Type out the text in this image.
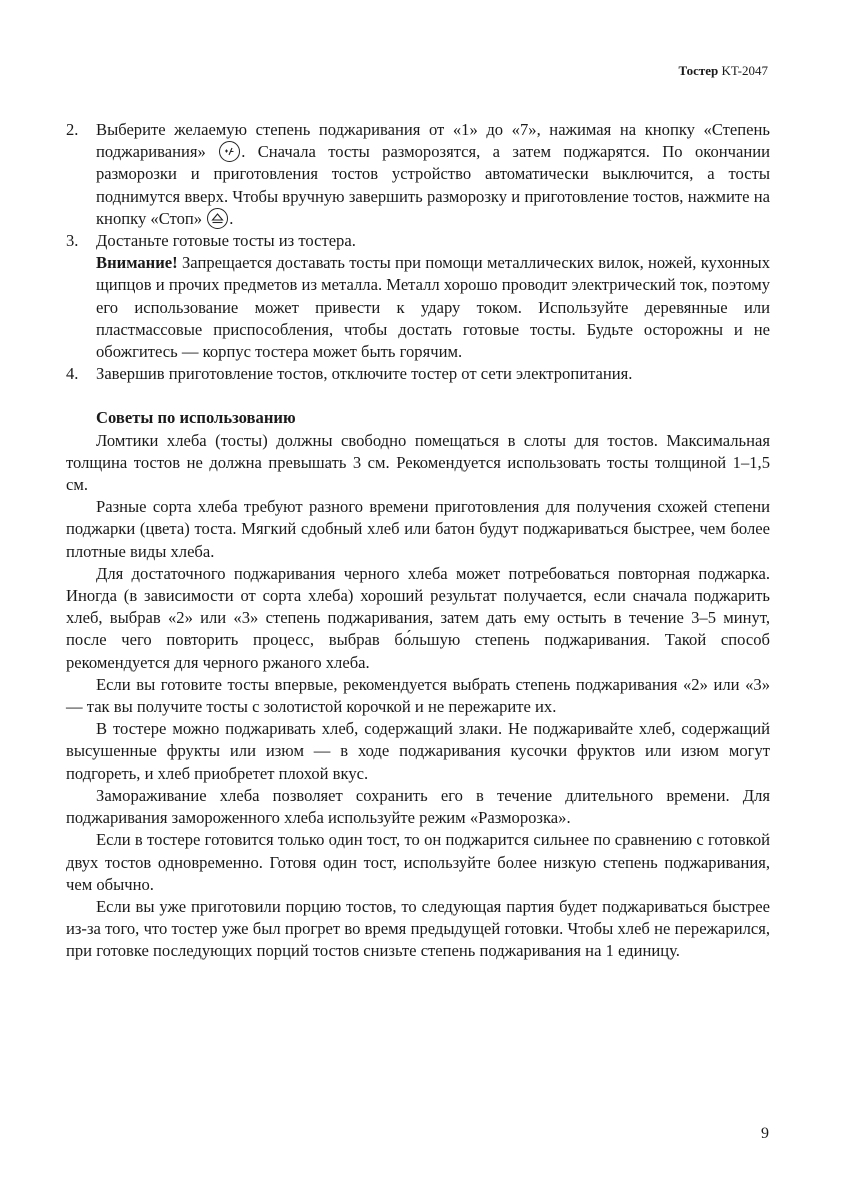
Тостер KT-2047
2. Выберите желаемую степень поджаривания от «1» до «7», нажимая на кнопку «Степень поджаривания»
. Сначала тосты разморозятся, а затем поджарятся. По окончании разморозки и приготовления тостов устройство автоматически выключится, а тосты поднимутся вверх. Чтобы вручную завершить разморозку и приготовление тостов, нажмите на кнопку «Стоп»
.

3. Достаньте готовые тосты из тостера.

Внимание! Запрещается доставать тосты при помощи металлических вилок, ножей, кухонных щипцов и прочих предметов из металла. Металл хорошо проводит электрический ток, поэтому его использование может привести к удару током. Используйте деревянные или пластмассовые приспособления, чтобы достать готовые тосты. Будьте осторожны и не обожгитесь — корпус тостера может быть горячим.

4. Завершив приготовление тостов, отключите тостер от сети электропитания.

Советы по использованию

Ломтики хлеба (тосты) должны свободно помещаться в слоты для тостов. Максимальная толщина тостов не должна превышать 3 см. Рекомендуется использовать тосты толщиной 1–1,5 см.

Разные сорта хлеба требуют разного времени приготовления для получения схожей степени поджарки (цвета) тоста. Мягкий сдобный хлеб или батон будут поджариваться быстрее, чем более плотные виды хлеба.

Для достаточного поджаривания черного хлеба может потребоваться повторная поджарка. Иногда (в зависимости от сорта хлеба) хороший результат получается, если сначала поджарить хлеб, выбрав «2» или «3» степень поджаривания, затем дать ему остыть в течение 3–5 минут, после чего повторить процесс, выбрав бо́льшую степень поджаривания. Такой способ рекомендуется для черного ржаного хлеба.

Если вы готовите тосты впервые, рекомендуется выбрать степень поджаривания «2» или «3» — так вы получите тосты с золотистой корочкой и не пережарите их.

В тостере можно поджаривать хлеб, содержащий злаки. Не поджаривайте хлеб, содержащий высушенные фрукты или изюм — в ходе поджаривания кусочки фруктов или изюм могут подгореть, и хлеб приобретет плохой вкус.

Замораживание хлеба позволяет сохранить его в течение длительного времени. Для поджаривания замороженного хлеба используйте режим «Разморозка».

Если в тостере готовится только один тост, то он поджарится сильнее по сравнению с готовкой двух тостов одновременно. Готовя один тост, используйте более низкую степень поджаривания, чем обычно.

Если вы уже приготовили порцию тостов, то следующая партия будет поджариваться быстрее из-за того, что тостер уже был прогрет во время предыдущей готовки. Чтобы хлеб не пережарился, при готовке последующих порций тостов снизьте степень поджаривания на 1 единицу.

9
